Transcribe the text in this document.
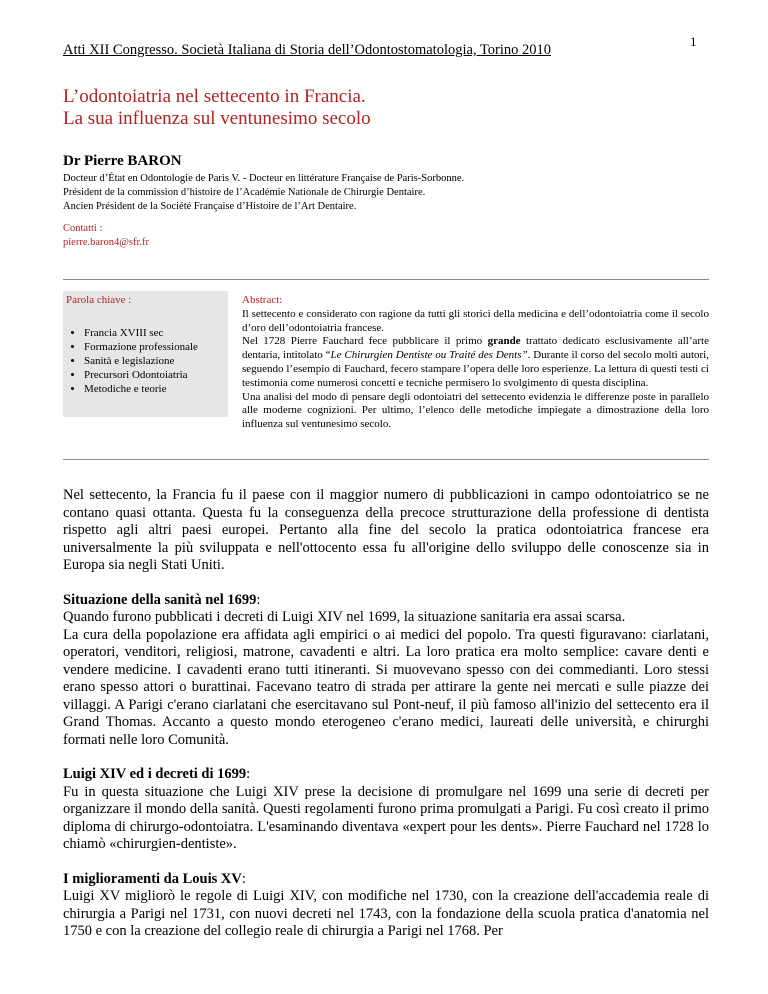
1
Atti XII Congresso. Società Italiana di Storia dell’Odontostomatologia, Torino 2010
L’odontoiatria nel settecento in Francia.
La sua influenza sul ventunesimo secolo
Dr Pierre BARON
Docteur d’État en Odontologie de Paris V. - Docteur en littérature Française de Paris-Sorbonne.
Président de la commission d’histoire de l’Académie Nationale de Chirurgie Dentaire.
Ancien Président de la Société Française d’Histoire de l’Art Dentaire.
Contatti :
pierre.baron4@sfr.fr
Parola chiave :
• Francia XVIII sec
• Formazione professionale
• Sanità e legislazione
• Precursori Odontoiatria
• Metodiche e teorie
Abstract:

Il settecento e considerato con ragione da tutti gli storici della medicina e dell’odontoiatria come il secolo d’oro dell’odontoiatria francese.

Nel 1728 Pierre Fauchard fece pubblicare il primo grande trattato dedicato esclusivamente all’arte dentaria, intitolato “Le Chirurgien Dentiste ou Traité des Dents”. Durante il corso del secolo molti autori, seguendo l’esempio di Fauchard, fecero stampare l’opera delle loro esperienze. La lettura di questi testi ci testimonia come numerosi concetti e tecniche permisero lo svolgimento di questa disciplina.

Una analisi del modo di pensare degli odontoiatri del settecento evidenzia le differenze poste in parallelo alle moderne cognizioni. Per ultimo, l’elenco delle metodiche impiegate a dimostrazione della loro influenza sul ventunesimo secolo.

Nel settecento, la Francia fu il paese con il maggior numero di pubblicazioni in campo odontoiatrico se ne contano quasi ottanta. Questa fu la conseguenza della precoce strutturazione della professione di dentista rispetto agli altri paesi europei. Pertanto alla fine del secolo la pratica odontoiatrica francese era universalmente la più sviluppata e nell'ottocento essa fu all'origine dello sviluppo delle conoscenze sia in Europa sia negli Stati Uniti.

Situazione della sanità nel 1699:

Quando furono pubblicati i decreti di Luigi XIV nel 1699, la situazione sanitaria era assai scarsa.

La cura della popolazione era affidata agli empirici o ai medici del popolo. Tra questi figuravano: ciarlatani, operatori, venditori, religiosi, matrone, cavadenti e altri. La loro pratica era molto semplice: cavare denti e vendere medicine. I cavadenti erano tutti itineranti. Si muovevano spesso con dei commedianti. Loro stessi erano spesso attori o burattinai. Facevano teatro di strada per attirare la gente nei mercati e sulle piazze dei villaggi. A Parigi c'erano ciarlatani che esercitavano sul Pont-neuf, il più famoso all'inizio del settecento era il Grand Thomas. Accanto a questo mondo eterogeneo c'erano medici, laureati delle università, e chirurghi formati nelle loro Comunità.

Luigi XIV ed i decreti di 1699:

Fu in questa situazione che Luigi XIV prese la decisione di promulgare nel 1699 una serie di decreti per organizzare il mondo della sanità. Questi regolamenti furono prima promulgati a Parigi. Fu così creato il primo diploma di chirurgo-odontoiatra. L'esaminando diventava «expert pour les dents». Pierre Fauchard nel 1728 lo chiamò «chirurgien-dentiste».

I miglioramenti da Louis XV:

Luigi XV migliorò le regole di Luigi XIV, con modifiche nel 1730, con la creazione dell'accademia reale di chirurgia a Parigi nel 1731, con nuovi decreti nel 1743, con la fondazione della scuola pratica d'anatomia nel 1750 e con la creazione del collegio reale di chirurgia a Parigi nel 1768. Per
